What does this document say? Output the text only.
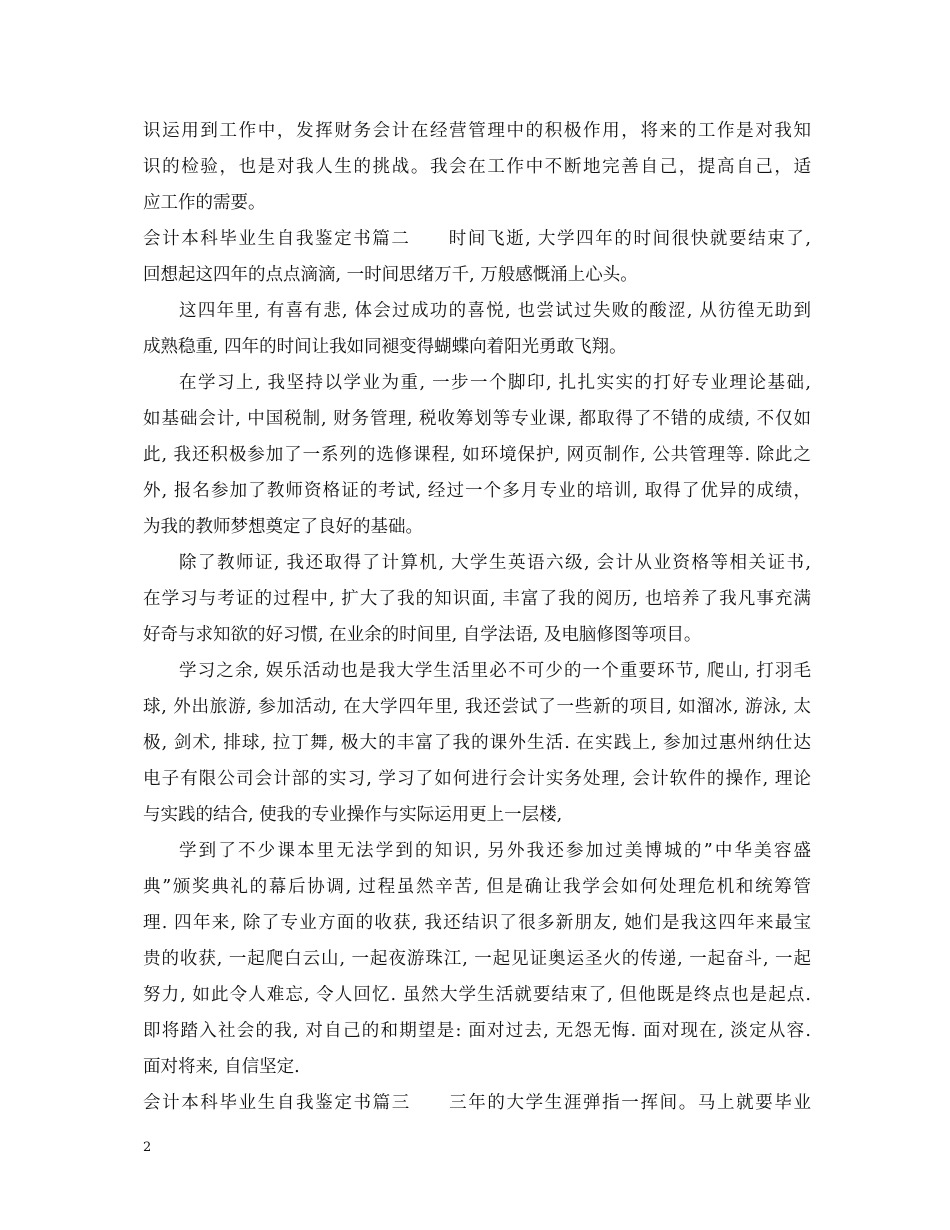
识运用到工作中，发挥财务会计在经营管理中的积极作用，将来的工作是对我知
识的检验，也是对我人生的挑战。我会在工作中不断地完善自己，提高自己，适
应工作的需要。
会计本科毕业生自我鉴定书篇二　　时间飞逝, 大学四年的时间很快就要结束了,
回想起这四年的点点滴滴, 一时间思绪万千, 万般感慨涌上心头。
这四年里, 有喜有悲, 体会过成功的喜悦, 也尝试过失败的酸涩, 从彷徨无助到
成熟稳重, 四年的时间让我如同褪变得蝴蝶向着阳光勇敢飞翔。
在学习上, 我坚持以学业为重, 一步一个脚印, 扎扎实实的打好专业理论基础,
如基础会计, 中国税制, 财务管理, 税收筹划等专业课, 都取得了不错的成绩, 不仅如
此, 我还积极参加了一系列的选修课程, 如环境保护, 网页制作, 公共管理等. 除此之
外, 报名参加了教师资格证的考试, 经过一个多月专业的培训, 取得了优异的成绩，
为我的教师梦想奠定了良好的基础。
除了教师证, 我还取得了计算机, 大学生英语六级, 会计从业资格等相关证书,
在学习与考证的过程中, 扩大了我的知识面, 丰富了我的阅历, 也培养了我凡事充满
好奇与求知欲的好习惯, 在业余的时间里, 自学法语, 及电脑修图等项目。
学习之余, 娱乐活动也是我大学生活里必不可少的一个重要环节, 爬山, 打羽毛
球, 外出旅游, 参加活动, 在大学四年里, 我还尝试了一些新的项目, 如溜冰, 游泳, 太
极, 剑术, 排球, 拉丁舞, 极大的丰富了我的课外生活. 在实践上, 参加过惠州纳仕达
电子有限公司会计部的实习, 学习了如何进行会计实务处理, 会计软件的操作, 理论
与实践的结合, 使我的专业操作与实际运用更上一层楼,
学到了不少课本里无法学到的知识, 另外我还参加过美博城的”中华美容盛
典”颁奖典礼的幕后协调, 过程虽然辛苦, 但是确让我学会如何处理危机和统筹管
理. 四年来, 除了专业方面的收获, 我还结识了很多新朋友, 她们是我这四年来最宝
贵的收获, 一起爬白云山, 一起夜游珠江, 一起见证奥运圣火的传递, 一起奋斗, 一起
努力, 如此令人难忘, 令人回忆. 虽然大学生活就要结束了, 但他既是终点也是起点.
即将踏入社会的我, 对自己的和期望是: 面对过去, 无怨无悔. 面对现在, 淡定从容.
面对将来, 自信坚定.
会计本科毕业生自我鉴定书篇三　　三年的大学生涯弹指一挥间。马上就要毕业
2
